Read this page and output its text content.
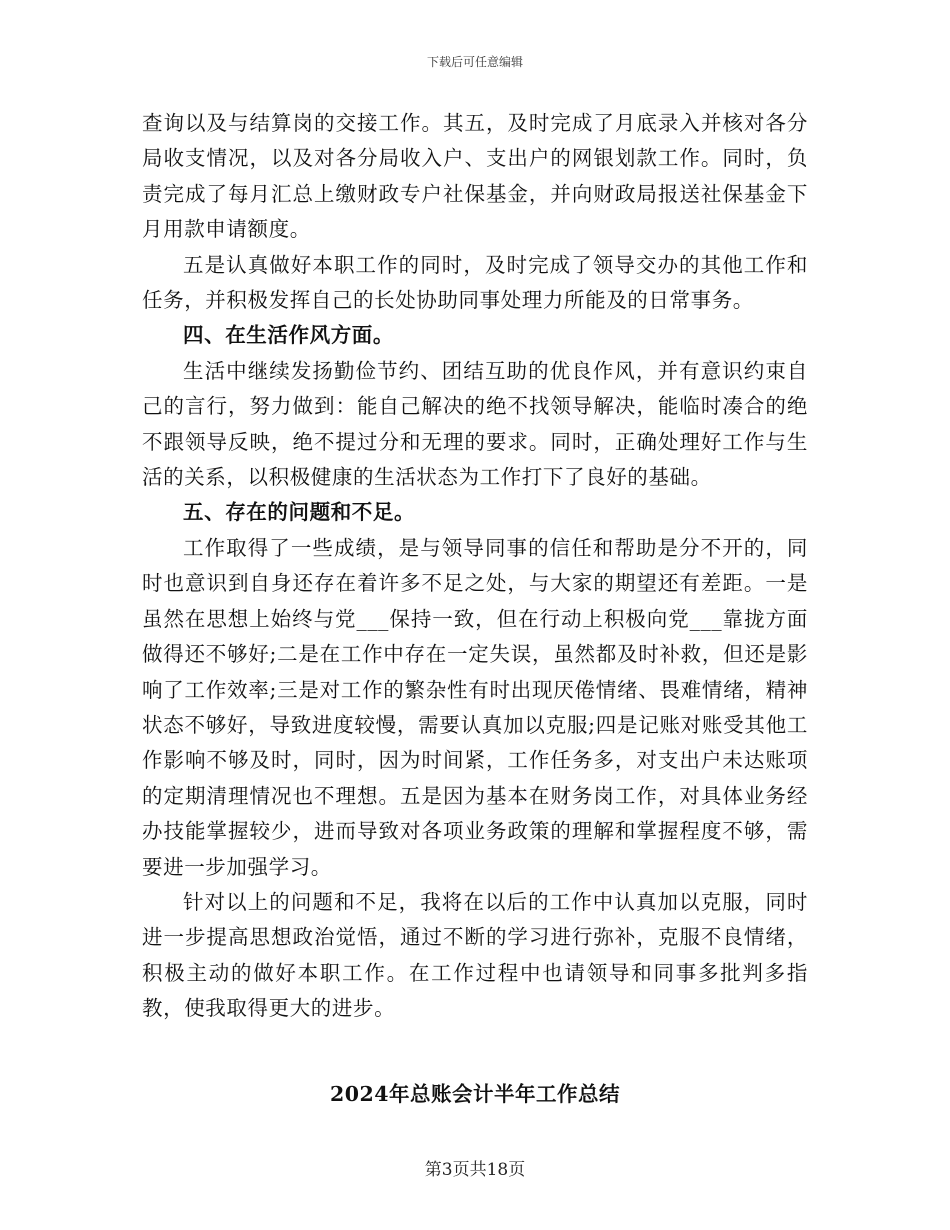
下载后可任意编辑

查询以及与结算岗的交接工作。其五，及时完成了月底录入并核对各分局收支情况，以及对各分局收入户、支出户的网银划款工作。同时，负责完成了每月汇总上缴财政专户社保基金，并向财政局报送社保基金下月用款申请额度。

五是认真做好本职工作的同时，及时完成了领导交办的其他工作和任务，并积极发挥自己的长处协助同事处理力所能及的日常事务。

四、在生活作风方面。

生活中继续发扬勤俭节约、团结互助的优良作风，并有意识约束自己的言行，努力做到：能自己解决的绝不找领导解决，能临时凑合的绝不跟领导反映，绝不提过分和无理的要求。同时，正确处理好工作与生活的关系，以积极健康的生活状态为工作打下了良好的基础。

五、存在的问题和不足。

工作取得了一些成绩，是与领导同事的信任和帮助是分不开的，同时也意识到自身还存在着许多不足之处，与大家的期望还有差距。一是虽然在思想上始终与党___保持一致，但在行动上积极向党___靠拢方面做得还不够好;二是在工作中存在一定失误，虽然都及时补救，但还是影响了工作效率;三是对工作的繁杂性有时出现厌倦情绪、畏难情绪，精神状态不够好，导致进度较慢，需要认真加以克服;四是记账对账受其他工作影响不够及时，同时，因为时间紧，工作任务多，对支出户未达账项的定期清理情况也不理想。五是因为基本在财务岗工作，对具体业务经办技能掌握较少，进而导致对各项业务政策的理解和掌握程度不够，需要进一步加强学习。

针对以上的问题和不足，我将在以后的工作中认真加以克服，同时进一步提高思想政治觉悟，通过不断的学习进行弥补，克服不良情绪，积极主动的做好本职工作。在工作过程中也请领导和同事多批判多指教，使我取得更大的进步。

2024年总账会计半年工作总结
第3页共18页
